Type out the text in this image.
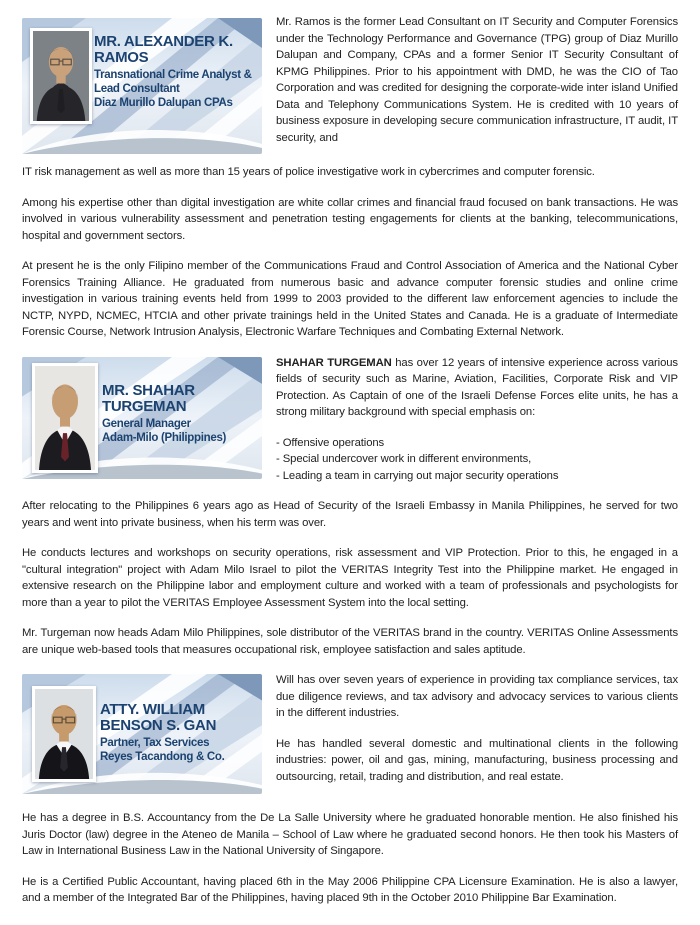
MR. ALEXANDER K. RAMOS
Transnational Crime Analyst & Lead Consultant
Diaz Murillo Dalupan CPAs

Mr. Ramos is the former Lead Consultant on IT Security and Computer Forensics under the Technology Performance and Governance (TPG) group of Diaz Murillo Dalupan and Company, CPAs and a former Senior IT Security Consultant of KPMG Philippines. Prior to his appointment with DMD, he was the CIO of Tao Corporation and was credited for designing the corporate-wide inter island Unified Data and Telephony Communications System. He is credited with 10 years of business exposure in developing secure communication infrastructure, IT audit, IT security, and

IT risk management as well as more than 15 years of police investigative work in cybercrimes and computer forensic.

Among his expertise other than digital investigation are white collar crimes and financial fraud focused on bank transactions. He was involved in various vulnerability assessment and penetration testing engagements for clients at the banking, telecommunications, hospital and government sectors.

At present he is the only Filipino member of the Communications Fraud and Control Association of America and the National Cyber Forensics Training Alliance. He graduated from numerous basic and advance computer forensic studies and online crime investigation in various training events held from 1999 to 2003 provided to the different law enforcement agencies to include the NCTP, NYPD, NCMEC, HTCIA and other private trainings held in the United States and Canada. He is a graduate of Intermediate Forensic Course, Network Intrusion Analysis, Electronic Warfare Techniques and Combating External Network.

MR. SHAHAR TURGEMAN
General Manager
Adam-Milo (Philippines)

SHAHAR TURGEMAN has over 12 years of intensive experience across various fields of security such as Marine, Aviation, Facilities, Corporate Risk and VIP Protection. As Captain of one of the Israeli Defense Forces elite units, he has a strong military background with special emphasis on:

- Offensive operations
- Special undercover work in different environments,
- Leading a team in carrying out major security operations

After relocating to the Philippines 6 years ago as Head of Security of the Israeli Embassy in Manila Philippines, he served for two years and went into private business, when his term was over.

He conducts lectures and workshops on security operations, risk assessment and VIP Protection. Prior to this, he engaged in a "cultural integration" project with Adam Milo Israel to pilot the VERITAS Integrity Test into the Philippine market. He engaged in extensive research on the Philippine labor and employment culture and worked with a team of professionals and psychologists for more than a year to pilot the VERITAS Employee Assessment System into the local setting.

Mr. Turgeman now heads Adam Milo Philippines, sole distributor of the VERITAS brand in the country. VERITAS Online Assessments are unique web-based tools that measures occupational risk, employee satisfaction and sales aptitude.

ATTY. WILLIAM BENSON S. GAN
Partner, Tax Services
Reyes Tacandong & Co.

Will has over seven years of experience in providing tax compliance services, tax due diligence reviews, and tax advisory and advocacy services to various clients in the different industries.

He has handled several domestic and multinational clients in the following industries: power, oil and gas, mining, manufacturing, business processing and outsourcing, retail, trading and distribution, and real estate.

He has a degree in B.S. Accountancy from the De La Salle University where he graduated honorable mention. He also finished his Juris Doctor (law) degree in the Ateneo de Manila – School of Law where he graduated second honors. He then took his Masters of Law in International Business Law in the National University of Singapore.

He is a Certified Public Accountant, having placed 6th in the May 2006 Philippine CPA Licensure Examination. He is also a lawyer, and a member of the Integrated Bar of the Philippines, having placed 9th in the October 2010 Philippine Bar Examination.
